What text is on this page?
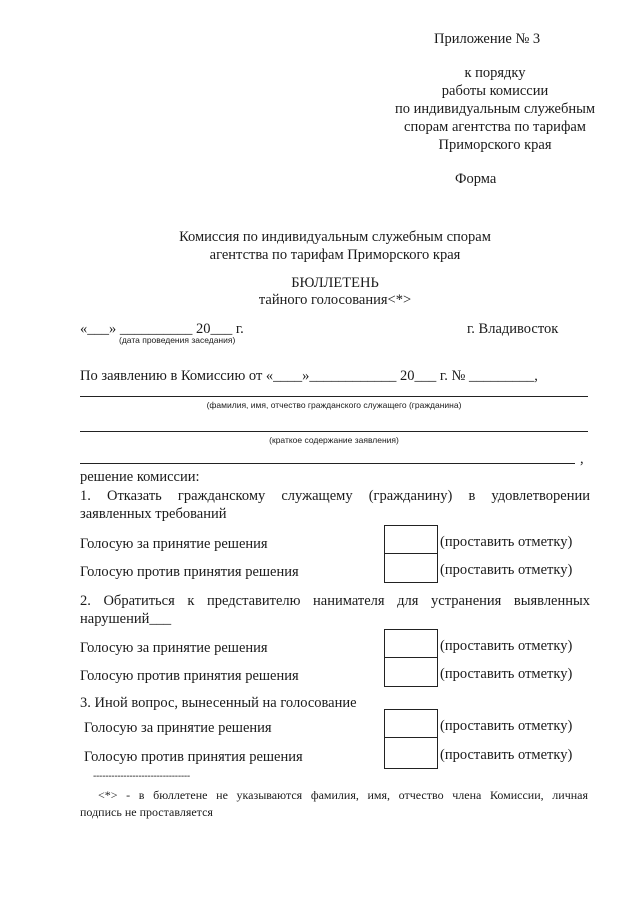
Приложение № 3
к порядку
работы комиссии
по индивидуальным служебным
спорам агентства по тарифам
Приморского края
Форма
Комиссия по индивидуальным служебным спорам
агентства по тарифам Приморского края
БЮЛЛЕТЕНЬ
тайного голосования<*>
«___» __________ 20___ г.
(дата проведения заседания)
г. Владивосток
По заявлению в Комиссию от «____»____________ 20___ г. № _________,
(фамилия, имя, отчество гражданского служащего (гражданина)
(краткое содержание заявления)
,
решение комиссии:
1. Отказать гражданскому служащему (гражданину) в удовлетворении
заявленных требований
Голосую за принятие решения	(проставить отметку)
Голосую против принятия решения	(проставить отметку)
2. Обратиться к представителю нанимателя для устранения выявленных
нарушений___
Голосую за принятие решения	(проставить отметку)
Голосую против принятия решения	(проставить отметку)
3. Иной вопрос, вынесенный на голосование
Голосую за принятие решения	(проставить отметку)
Голосую против принятия решения	(проставить отметку)
--------------------------------
<*> - в бюллетене не указываются фамилия, имя, отчество члена Комиссии, личная
подпись не проставляется
